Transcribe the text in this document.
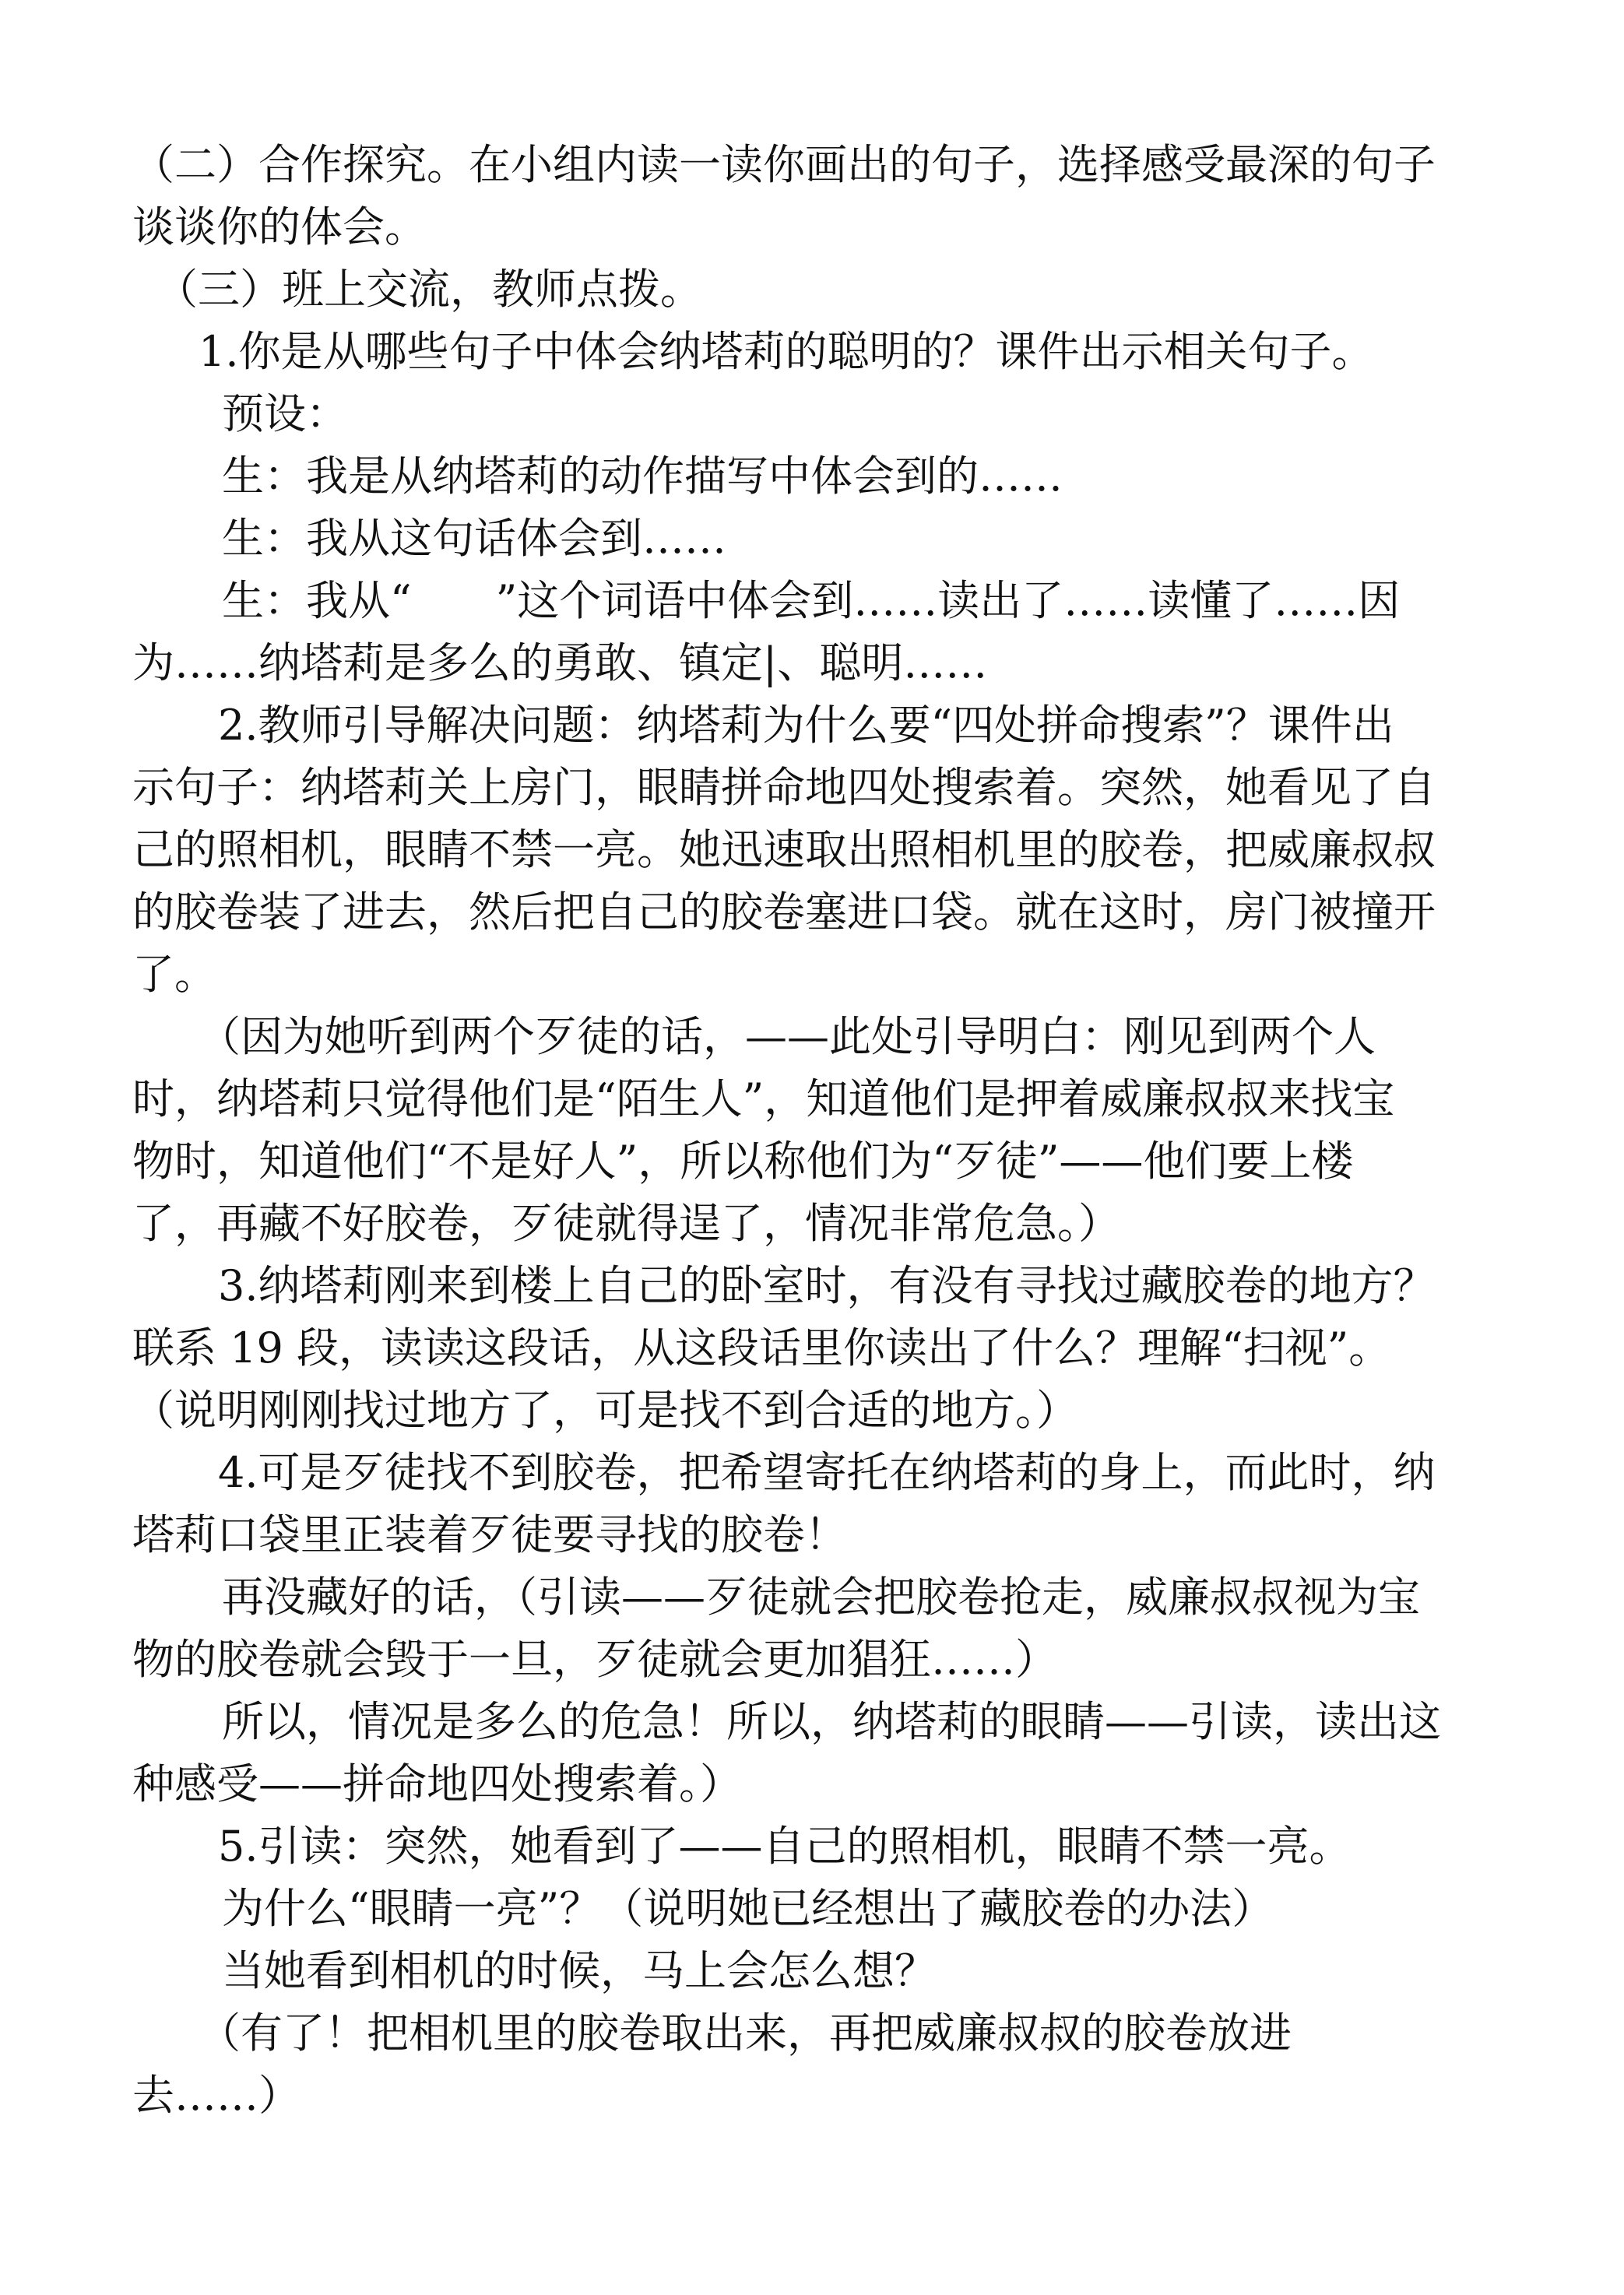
（二）合作探究。在小组内读一读你画出的句子，选择感受最深的句子
谈谈你的体会。
（三）班上交流，教师点拨。
1.你是从哪些句子中体会纳塔莉的聪明的？课件出示相关句子。
预设：
生：我是从纳塔莉的动作描写中体会到的……
生：我从这句话体会到……
生：我从“　　”这个词语中体会到……读出了……读懂了……因
为……纳塔莉是多么的勇敢、镇定|、聪明……
2.教师引导解决问题：纳塔莉为什么要“四处拼命搜索”？课件出
示句子：纳塔莉关上房门，眼睛拼命地四处搜索着。突然，她看见了自
己的照相机，眼睛不禁一亮。她迅速取出照相机里的胶卷，把威廉叔叔
的胶卷装了进去，然后把自己的胶卷塞进口袋。就在这时，房门被撞开
了。
（因为她听到两个歹徒的话，——此处引导明白：刚见到两个人
时，纳塔莉只觉得他们是“陌生人”，知道他们是押着威廉叔叔来找宝
物时，知道他们“不是好人”，所以称他们为“歹徒”——他们要上楼
了，再藏不好胶卷，歹徒就得逞了，情况非常危急。）
3.纳塔莉刚来到楼上自己的卧室时，有没有寻找过藏胶卷的地方？
联系 19 段，读读这段话，从这段话里你读出了什么？理解“扫视”。
（说明刚刚找过地方了，可是找不到合适的地方。）
4.可是歹徒找不到胶卷，把希望寄托在纳塔莉的身上，而此时，纳
塔莉口袋里正装着歹徒要寻找的胶卷！
再没藏好的话，（引读——歹徒就会把胶卷抢走，威廉叔叔视为宝
物的胶卷就会毁于一旦，歹徒就会更加猖狂……）
所以，情况是多么的危急！所以，纳塔莉的眼睛——引读，读出这
种感受——拼命地四处搜索着。）
5.引读：突然，她看到了——自己的照相机，眼睛不禁一亮。
为什么“眼睛一亮”？（说明她已经想出了藏胶卷的办法）
当她看到相机的时候，马上会怎么想？
（有了！把相机里的胶卷取出来，再把威廉叔叔的胶卷放进
去……）
